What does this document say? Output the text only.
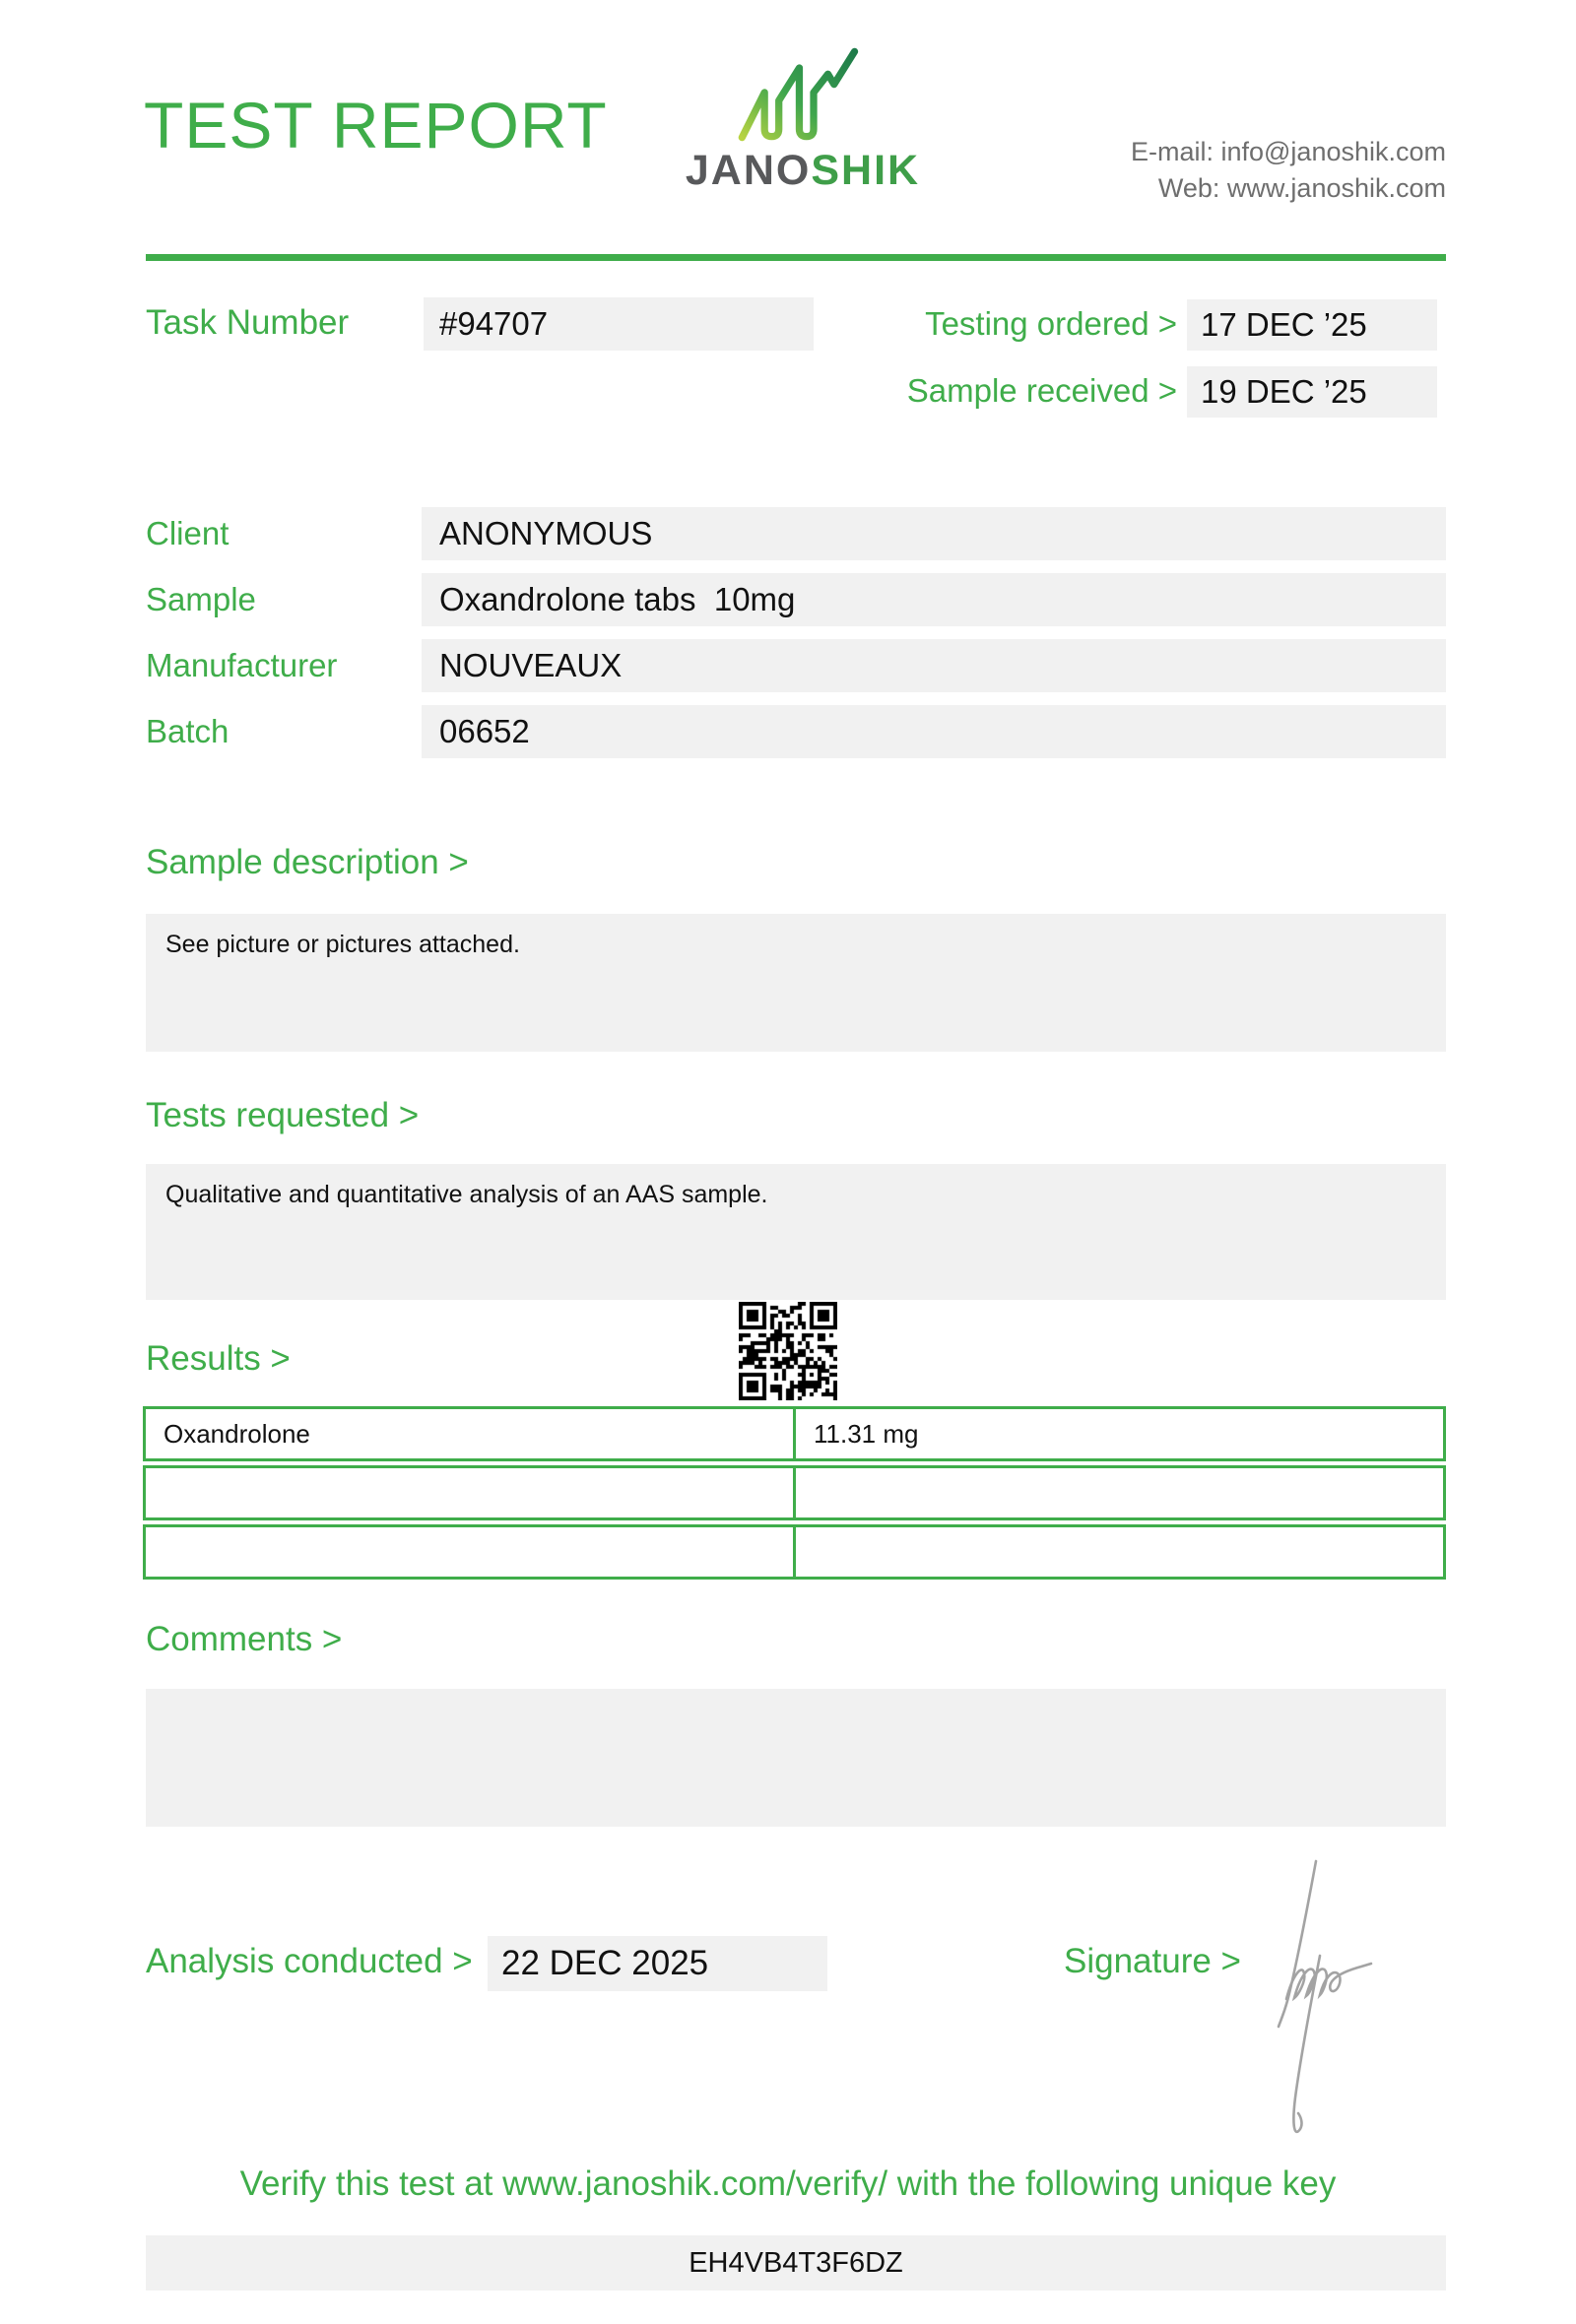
TEST REPORT
JANOSHIK	E-mail: info@janoshik.com
Web: www.janoshik.com
Task Number	#94707	Testing ordered > 17 DEC ’25
Sample received > 19 DEC ’25
Client	ANONYMOUS
Sample	Oxandrolone tabs  10mg
Manufacturer	NOUVEAUX
Batch	06652
Sample description >
See picture or pictures attached.
Tests requested >
Qualitative and quantitative analysis of an AAS sample.
Results >
Oxandrolone	11.31 mg
Comments >
Analysis conducted > 22 DEC 2025	Signature >
Verify this test at www.janoshik.com/verify/ with the following unique key
EH4VB4T3F6DZ
